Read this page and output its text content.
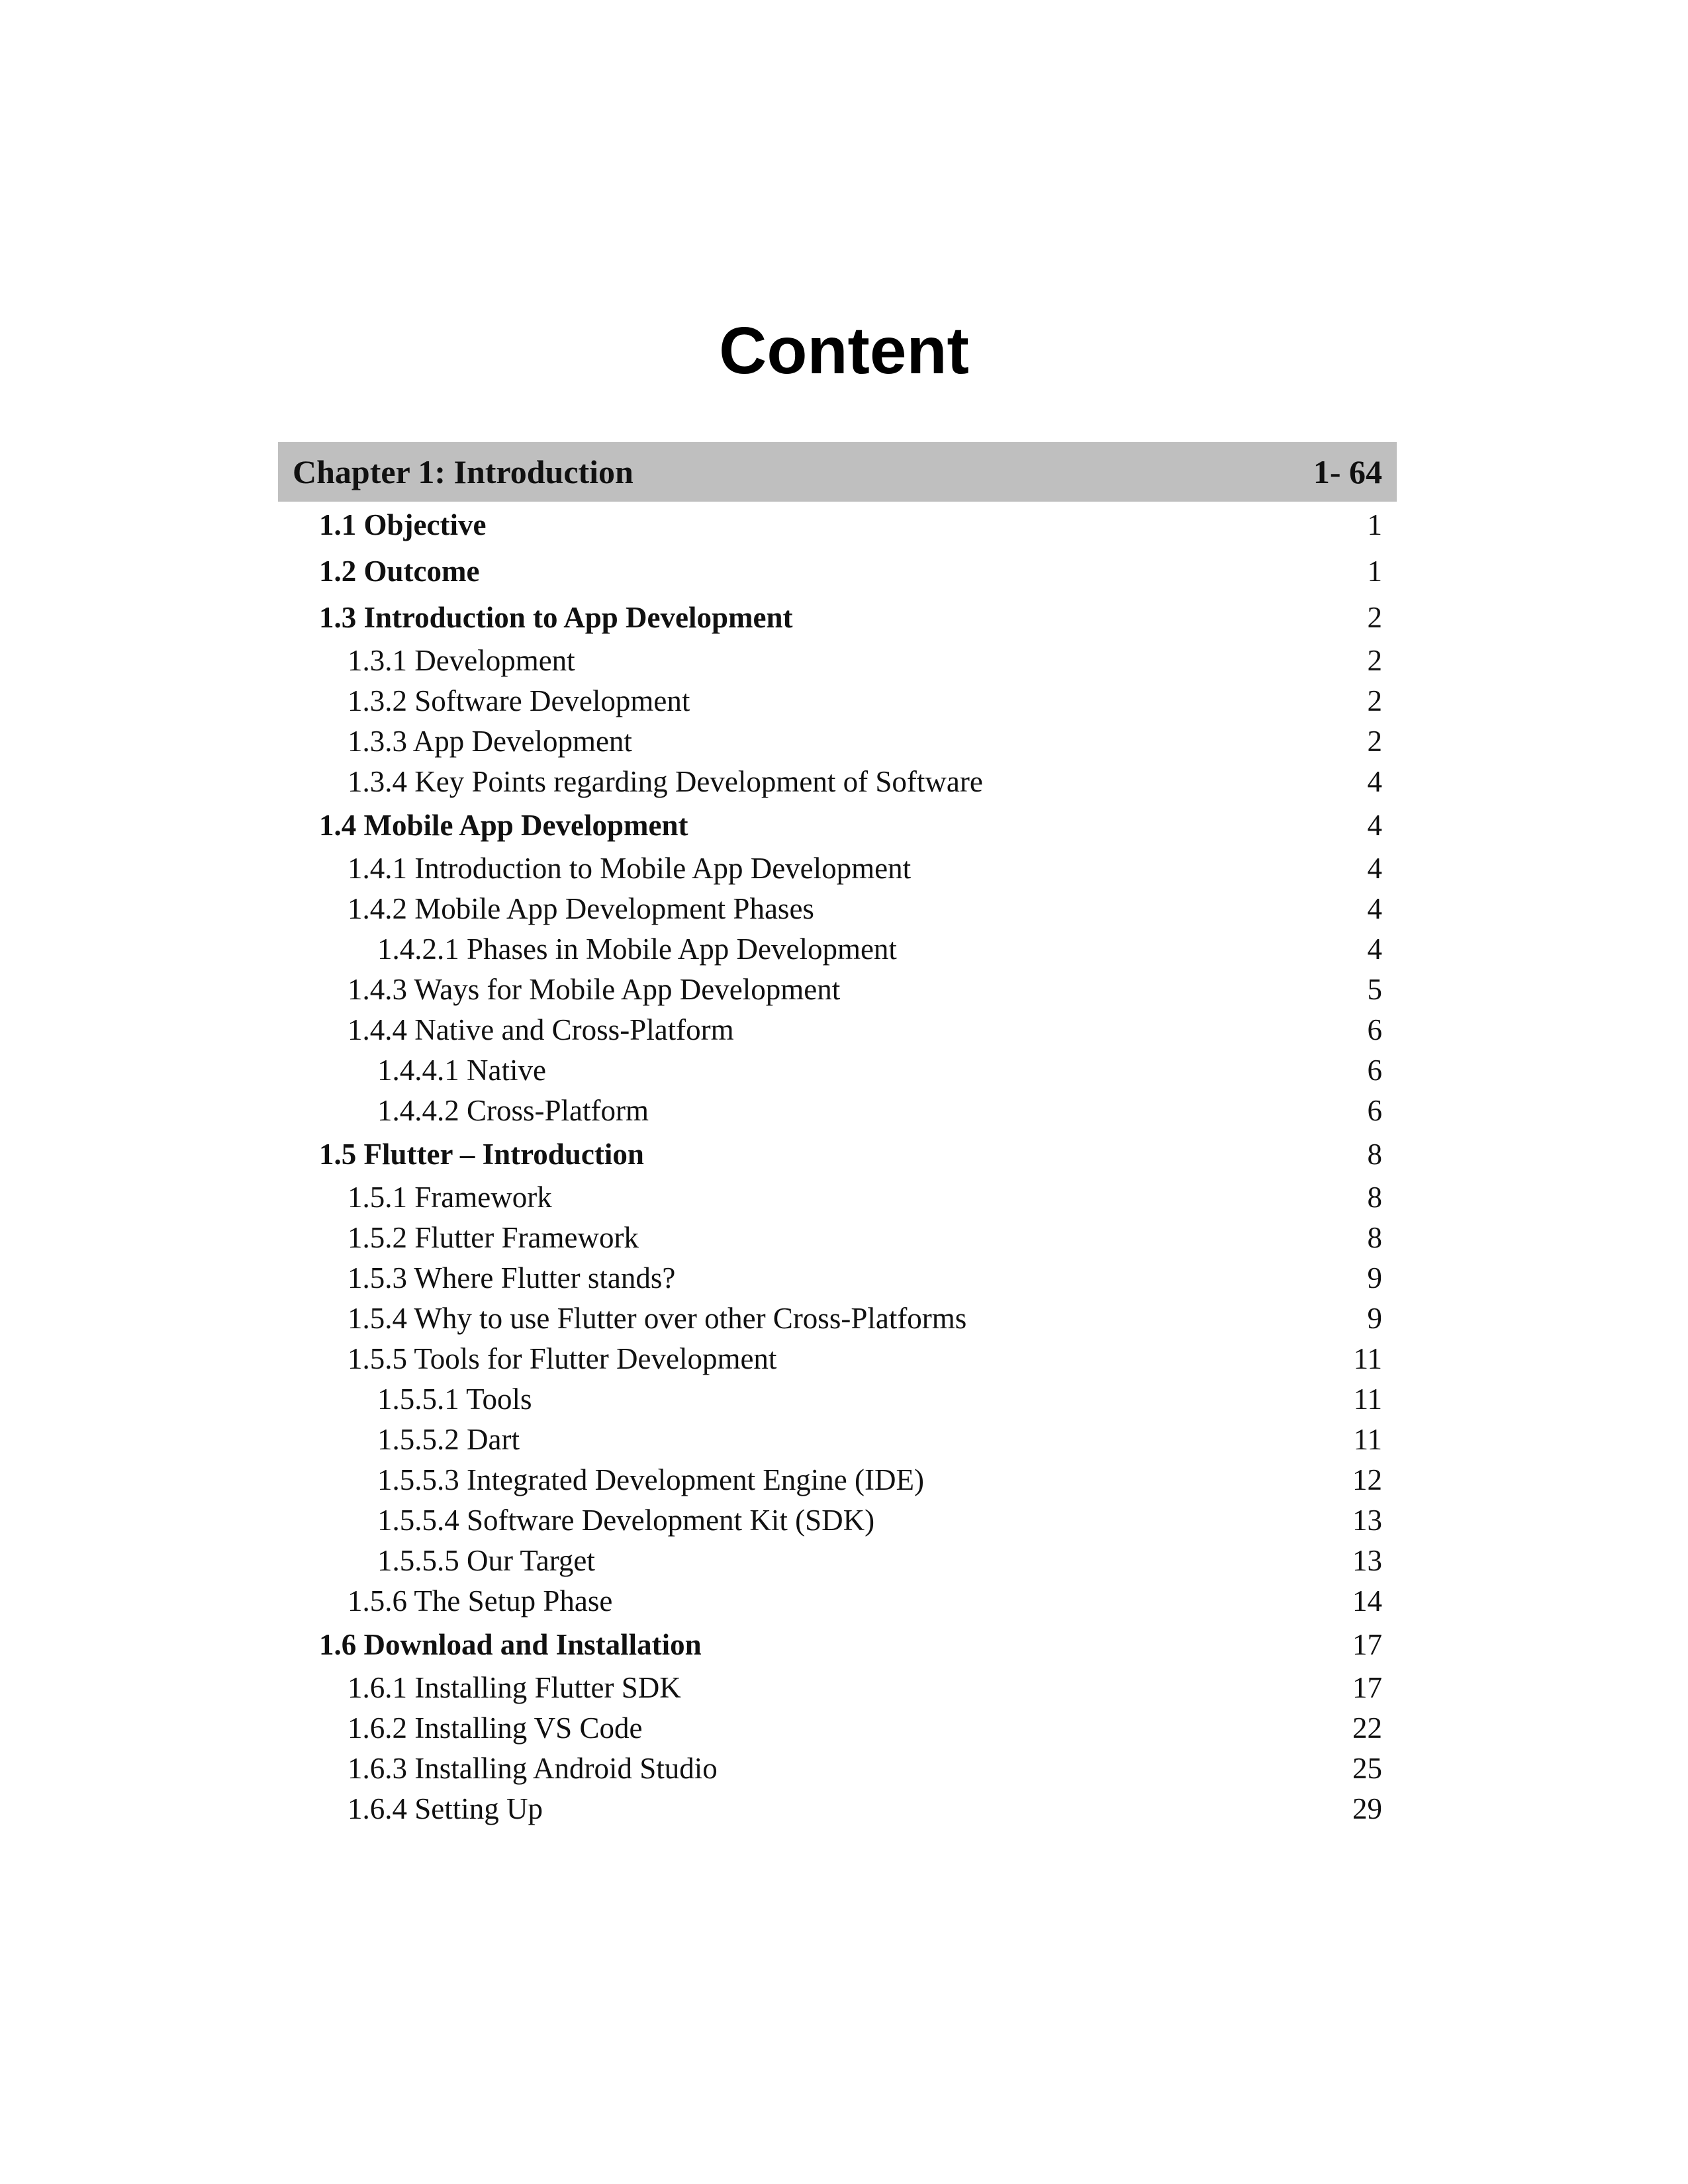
Content
Chapter 1: Introduction	1- 64
1.1 Objective	1
1.2 Outcome	1
1.3 Introduction to App Development	2
1.3.1 Development	2
1.3.2 Software Development	2
1.3.3 App Development	2
1.3.4 Key Points regarding Development of Software	4
1.4 Mobile App Development	4
1.4.1 Introduction to Mobile App Development	4
1.4.2 Mobile App Development Phases	4
1.4.2.1 Phases in Mobile App Development	4
1.4.3 Ways for Mobile App Development	5
1.4.4 Native and Cross-Platform	6
1.4.4.1 Native	6
1.4.4.2 Cross-Platform	6
1.5 Flutter – Introduction	8
1.5.1 Framework	8
1.5.2 Flutter Framework	8
1.5.3 Where Flutter stands?	9
1.5.4 Why to use Flutter over other Cross-Platforms	9
1.5.5 Tools for Flutter Development	11
1.5.5.1 Tools	11
1.5.5.2 Dart	11
1.5.5.3 Integrated Development Engine (IDE)	12
1.5.5.4 Software Development Kit (SDK)	13
1.5.5.5 Our Target	13
1.5.6 The Setup Phase	14
1.6 Download and Installation	17
1.6.1 Installing Flutter SDK	17
1.6.2 Installing VS Code	22
1.6.3 Installing Android Studio	25
1.6.4 Setting Up	29
